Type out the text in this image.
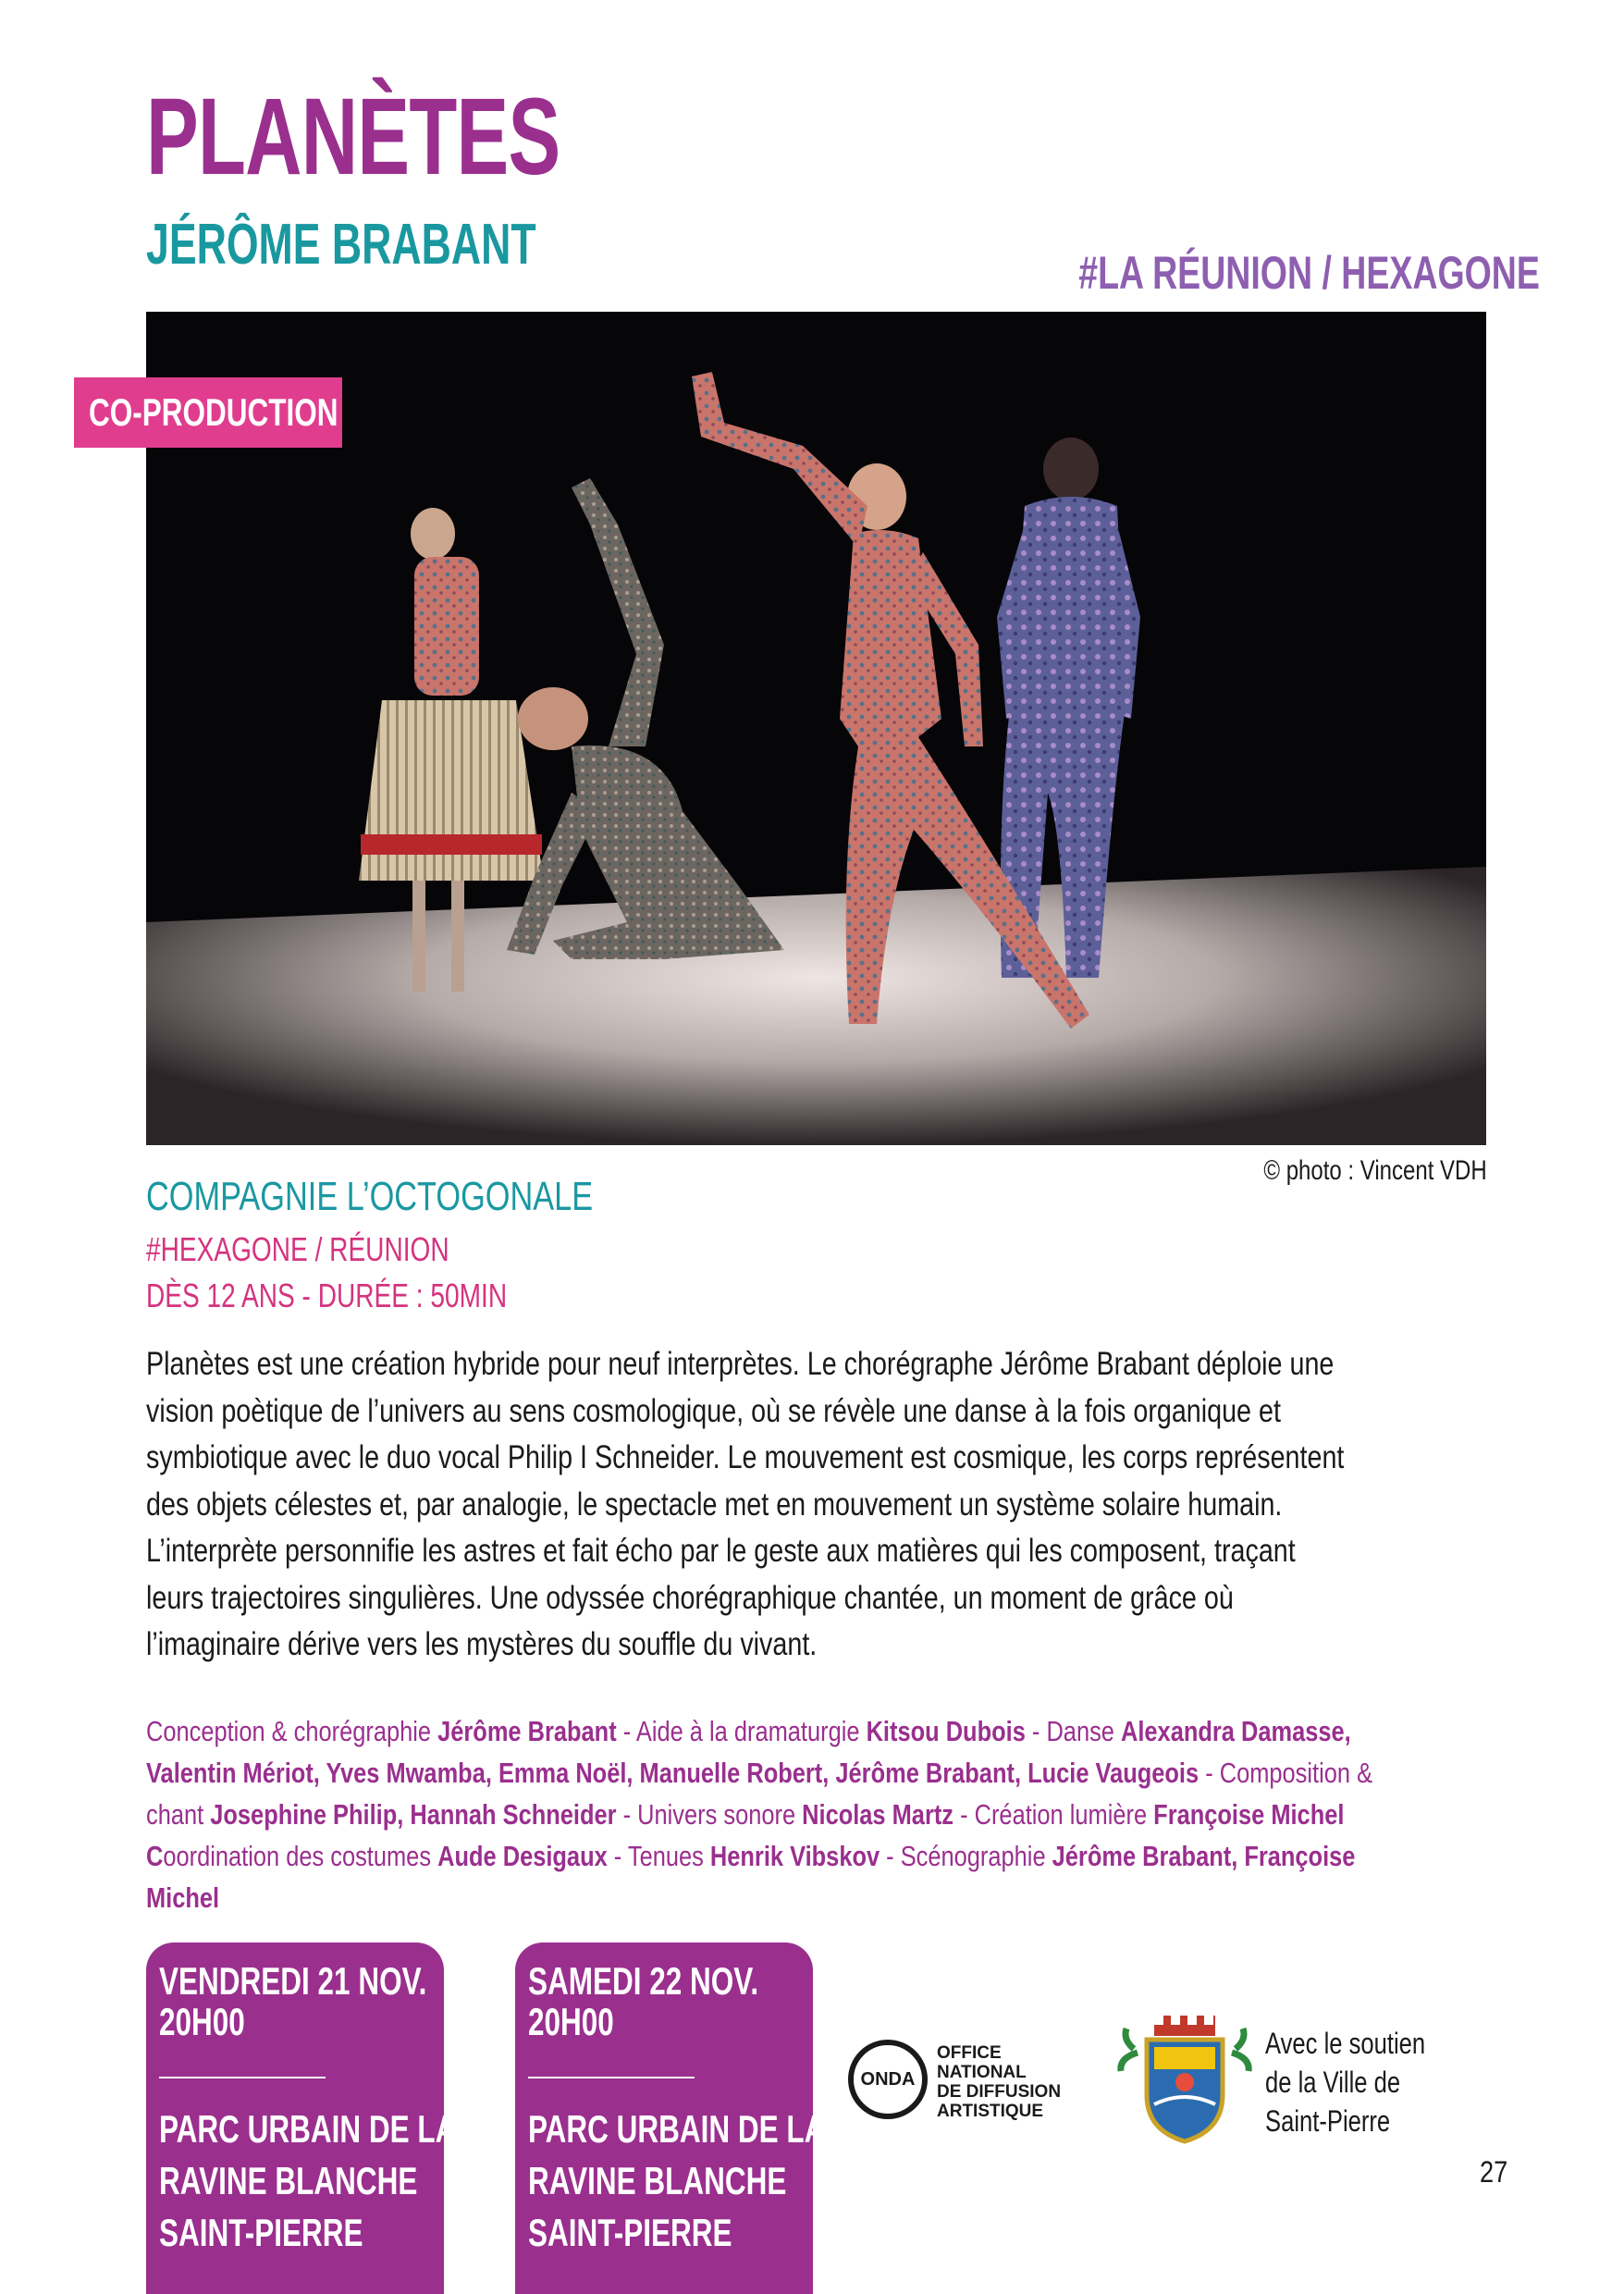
PLANÈTES
JÉRÔME BRABANT	#LA RÉUNION / HEXAGONE
CO-PRODUCTION
© photo : Vincent VDH
COMPAGNIE L’OCTOGONALE
#HEXAGONE / RÉUNION
DÈS 12 ANS - DURÉE : 50MIN
Planètes est une création hybride pour neuf interprètes. Le chorégraphe Jérôme Brabant déploie une
vision poètique de l’univers au sens cosmologique, où se révèle une danse à la fois organique et
symbiotique avec le duo vocal Philip I Schneider. Le mouvement est cosmique, les corps représentent
des objets célestes et, par analogie, le spectacle met en mouvement un système solaire humain.
L’interprète personnifie les astres et fait écho par le geste aux matières qui les composent, traçant
leurs trajectoires singulières. Une odyssée chorégraphique chantée, un moment de grâce où
l’imaginaire dérive vers les mystères du souffle du vivant.
Conception & chorégraphie Jérôme Brabant - Aide à la dramaturgie Kitsou Dubois - Danse Alexandra Damasse,
Valentin Mériot, Yves Mwamba, Emma Noël, Manuelle Robert, Jérôme Brabant, Lucie Vaugeois - Composition &
chant Josephine Philip, Hannah Schneider - Univers sonore Nicolas Martz - Création lumière Françoise Michel
Coordination des costumes Aude Desigaux - Tenues Henrik Vibskov - Scénographie Jérôme Brabant, Françoise
Michel
VENDREDI 21 NOV.
20H00
PARC URBAIN DE LA
RAVINE BLANCHE
SAINT-PIERRE
SAMEDI 22 NOV.
20H00
PARC URBAIN DE LA
RAVINE BLANCHE
SAINT-PIERRE
ONDA
OFFICE
NATIONAL
DE DIFFUSION
ARTISTIQUE
Avec le soutien
de la Ville de
Saint-Pierre
27
